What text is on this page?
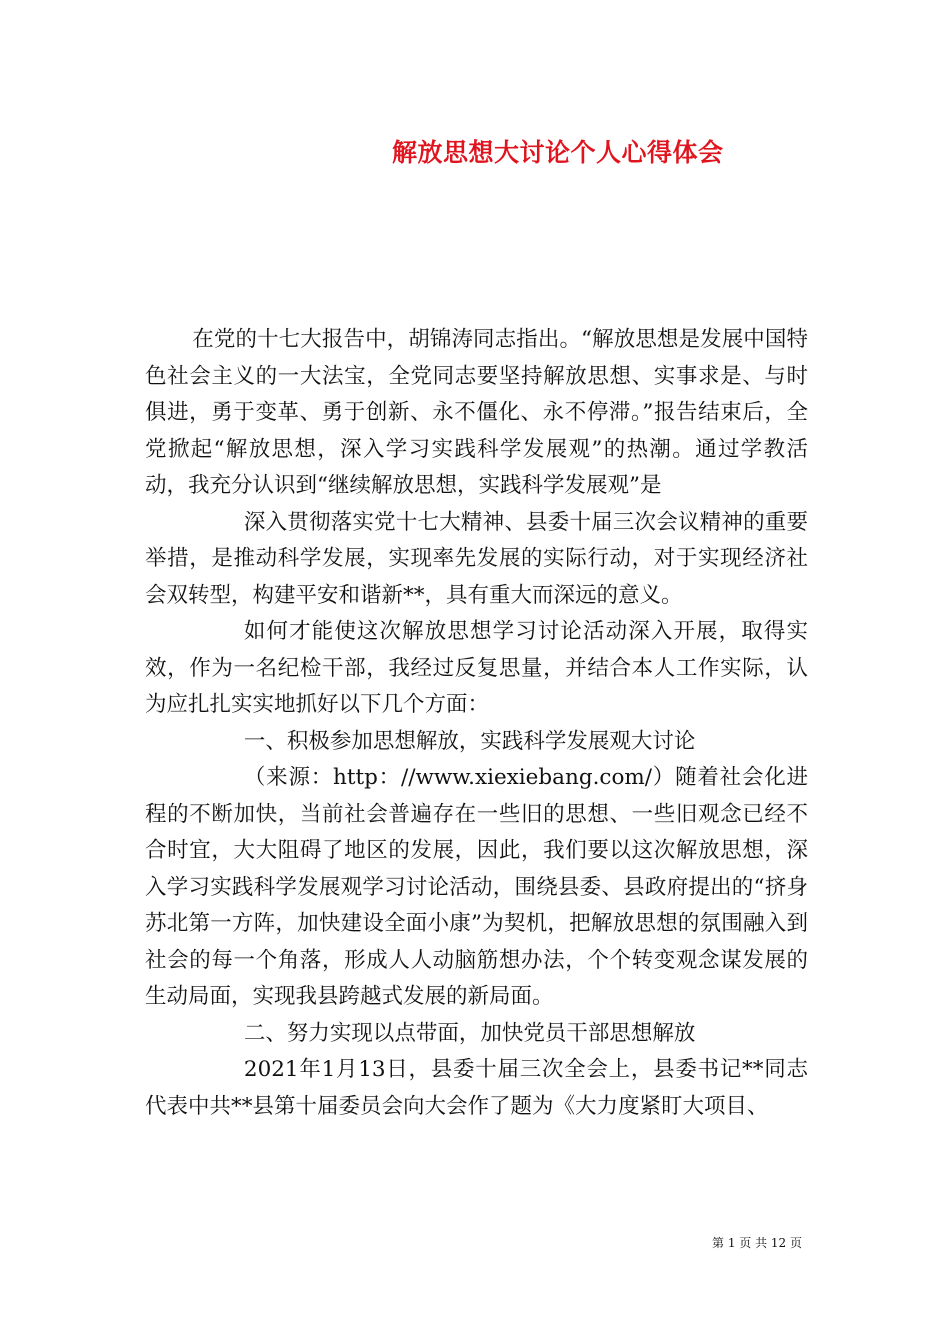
解放思想大讨论个人心得体会

在党的十七大报告中，胡锦涛同志指出。“解放思想是发展中国特色社会主义的一大法宝，全党同志要坚持解放思想、实事求是、与时俱进，勇于变革、勇于创新、永不僵化、永不停滞。”报告结束后，全党掀起“解放思想，深入学习实践科学发展观”的热潮。通过学教活动，我充分认识到“继续解放思想，实践科学发展观”是

深入贯彻落实党十七大精神、县委十届三次会议精神的重要举措，是推动科学发展，实现率先发展的实际行动，对于实现经济社会双转型，构建平安和谐新**，具有重大而深远的意义。

如何才能使这次解放思想学习讨论活动深入开展，取得实效，作为一名纪检干部，我经过反复思量，并结合本人工作实际，认为应扎扎实实地抓好以下几个方面：

一、积极参加思想解放，实践科学发展观大讨论

（来源：http：//www.xiexiebang.com/）随着社会化进程的不断加快，当前社会普遍存在一些旧的思想、一些旧观念已经不合时宜，大大阻碍了地区的发展，因此，我们要以这次解放思想，深入学习实践科学发展观学习讨论活动，围绕县委、县政府提出的“挤身苏北第一方阵，加快建设全面小康”为契机，把解放思想的氛围融入到社会的每一个角落，形成人人动脑筋想办法，个个转变观念谋发展的生动局面，实现我县跨越式发展的新局面。

二、努力实现以点带面，加快党员干部思想解放

2021年1月13日，县委十届三次全会上，县委书记**同志代表中共**县第十届委员会向大会作了题为《大力度紧盯大项目、

第 1 页 共 12 页
